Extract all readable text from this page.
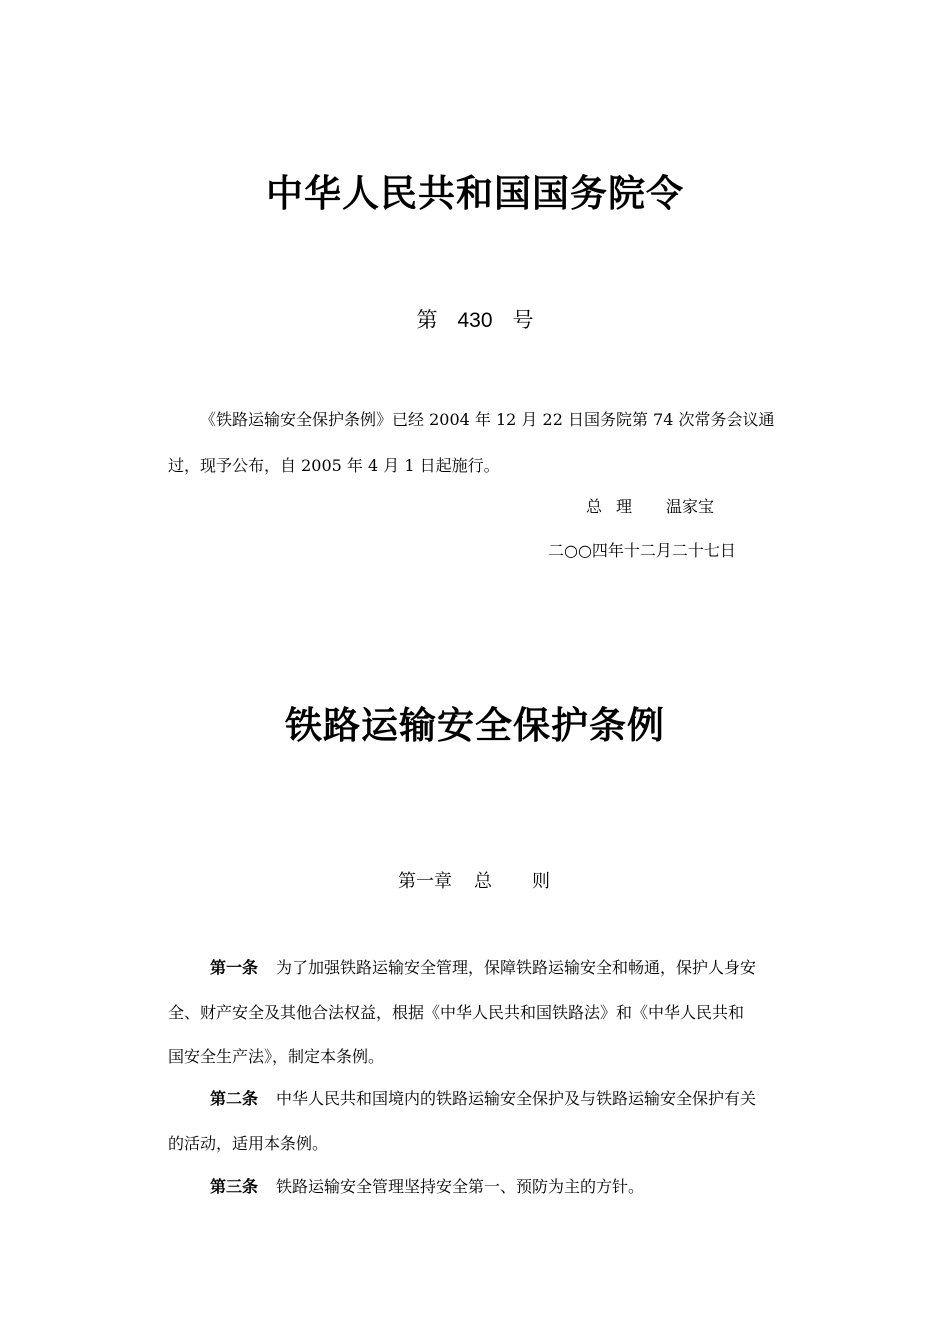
中华人民共和国国务院令
第 430 号
《铁路运输安全保护条例》已经 2004 年 12 月 22 日国务院第 74 次常务会议通
过，现予公布，自 2005 年 4 月 1 日起施行。
总 理 温家宝
二○○四年十二月二十七日
铁路运输安全保护条例
第一章 总 则
第一条 为了加强铁路运输安全管理，保障铁路运输安全和畅通，保护人身安
全、财产安全及其他合法权益，根据《中华人民共和国铁路法》和《中华人民共和
国安全生产法》，制定本条例。
第二条 中华人民共和国境内的铁路运输安全保护及与铁路运输安全保护有关
的活动，适用本条例。
第三条 铁路运输安全管理坚持安全第一、预防为主的方针。
